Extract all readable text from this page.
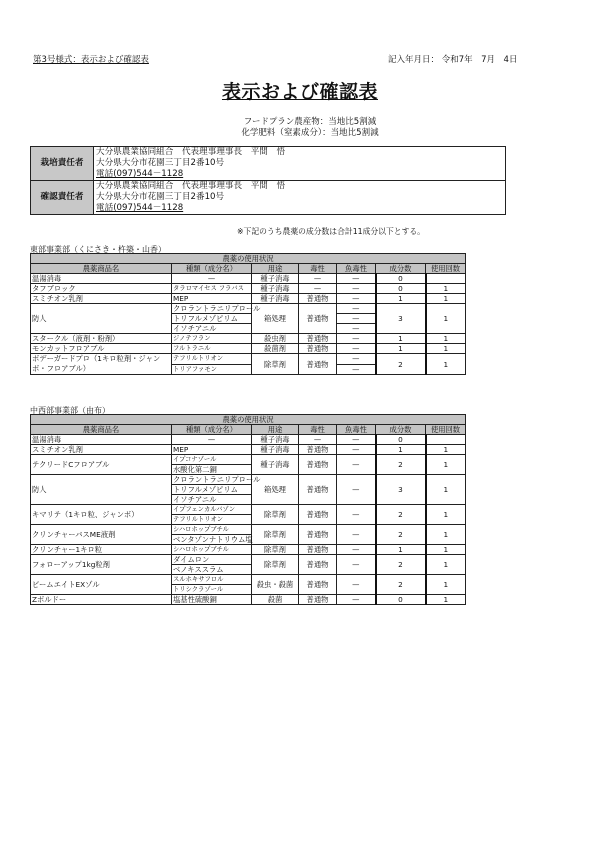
第3号様式：表示および確認表	記入年月日： 令和7年　7月　4日
表示および確認表
フードプラン農産物：当地比5割減
化学肥料（窒素成分）：当地比5割減
栽培責任者	大分県農業協同組合　代表理事理事長　平間　悟
大分県大分市花園三丁目2番10号
電話(097)544－1128

確認責任者	大分県農業協同組合　代表理事理事長　平間　悟
大分県大分市花園三丁目2番10号
電話(097)544－1128
※下記のうち農薬の成分数は合計11成分以下とする。
東部事業部（くにさき・杵築・山香）
農薬の使用状況						
農薬商品名	種類（成分名）	用途	毒性	魚毒性	成分数	使用回数
温湯消毒	—	種子消毒	—	—	0	
タフブロック	タラロマイセス フラバス	種子消毒	—	—	0	1
スミチオン乳剤	MEP	種子消毒	普通物	—	1	1
防人	クロラントラニリプロール	箱処理	普通物	—	3	1
	トリフルメゾピリム			—		
	イソチアニル			—		
スタークル（液剤・粉剤）	ジノテフラン	殺虫剤	普通物	—	1	1
モンカットフロアブル	フルトラニル	殺菌剤	普通物	—	1	1
ボデーガードプロ（1キロ粒剤・ジャンボ・フロアブル）	テフリルトリオン	除草剤	普通物	—	2	1
	トリアファモン			—		
中西部事業部（由布）
農薬の使用状況						
農薬商品名	種類（成分名）	用途	毒性	魚毒性	成分数	使用回数
温湯消毒	—	種子消毒	—	—	0	
スミチオン乳剤	MEP	種子消毒	普通物	—	1	1
テクリードCフロアブル	イプコナゾール	種子消毒	普通物	—	2	1
	水酸化第二銅					
防人	クロラントラニリプロール	箱処理	普通物	—	3	1
	トリフルメゾピリム					
	イソチアニル					
キマリテ（1キロ粒、ジャンボ）	イプフェンカルバゾン	除草剤	普通物	—	2	1
	テフリルトリオン					
クリンチャーバスME液剤	シハロホップブチル	除草剤	普通物	—	2	1
	ベンタゾンナトリウム塩					
クリンチャー1キロ粒	シハロホップブチル	除草剤	普通物	—	1	1
フォローアップ1kg粒剤	ダイムロン	除草剤	普通物	—	2	1
	ベノキススラム					
ビームエイトEXゾル	スルホキサフロル	殺虫・殺菌	普通物	—	2	1
	トリシクラゾール					
Zボルドー	塩基性硫酸銅	殺菌	普通物	—	0	1
